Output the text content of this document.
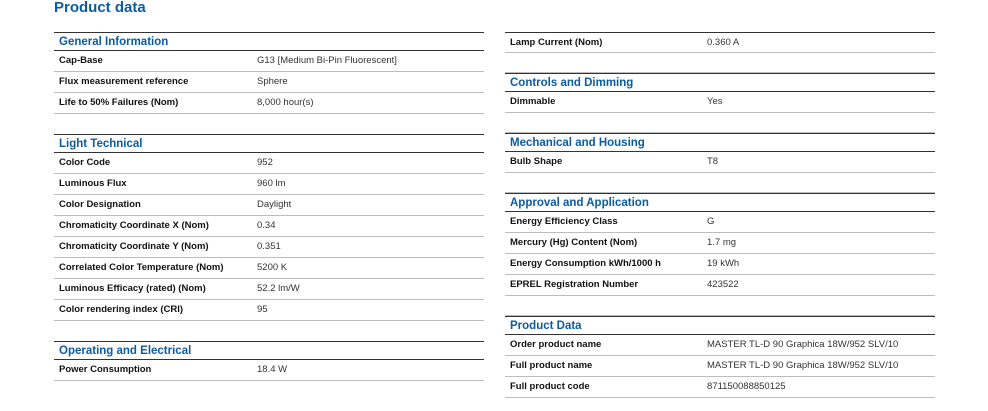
Product data
General Information
Cap-Base	G13 [Medium Bi-Pin Fluorescent]
Flux measurement reference	Sphere
Life to 50% Failures (Nom)	8,000 hour(s)
Light Technical
Color Code	952
Luminous Flux	960 lm
Color Designation	Daylight
Chromaticity Coordinate X (Nom)	0.34
Chromaticity Coordinate Y (Nom)	0.351
Correlated Color Temperature (Nom)	5200 K
Luminous Efficacy (rated) (Nom)	52.2 lm/W
Color rendering index (CRI)	95
Operating and Electrical
Power Consumption	18.4 W
Lamp Current (Nom)	0.360 A
Controls and Dimming
Dimmable	Yes
Mechanical and Housing
Bulb Shape	T8
Approval and Application
Energy Efficiency Class	G
Mercury (Hg) Content (Nom)	1.7 mg
Energy Consumption kWh/1000 h	19 kWh
EPREL Registration Number	423522
Product Data
Order product name	MASTER TL-D 90 Graphica 18W/952 SLV/10
Full product name	MASTER TL-D 90 Graphica 18W/952 SLV/10
Full product code	871150088850125
